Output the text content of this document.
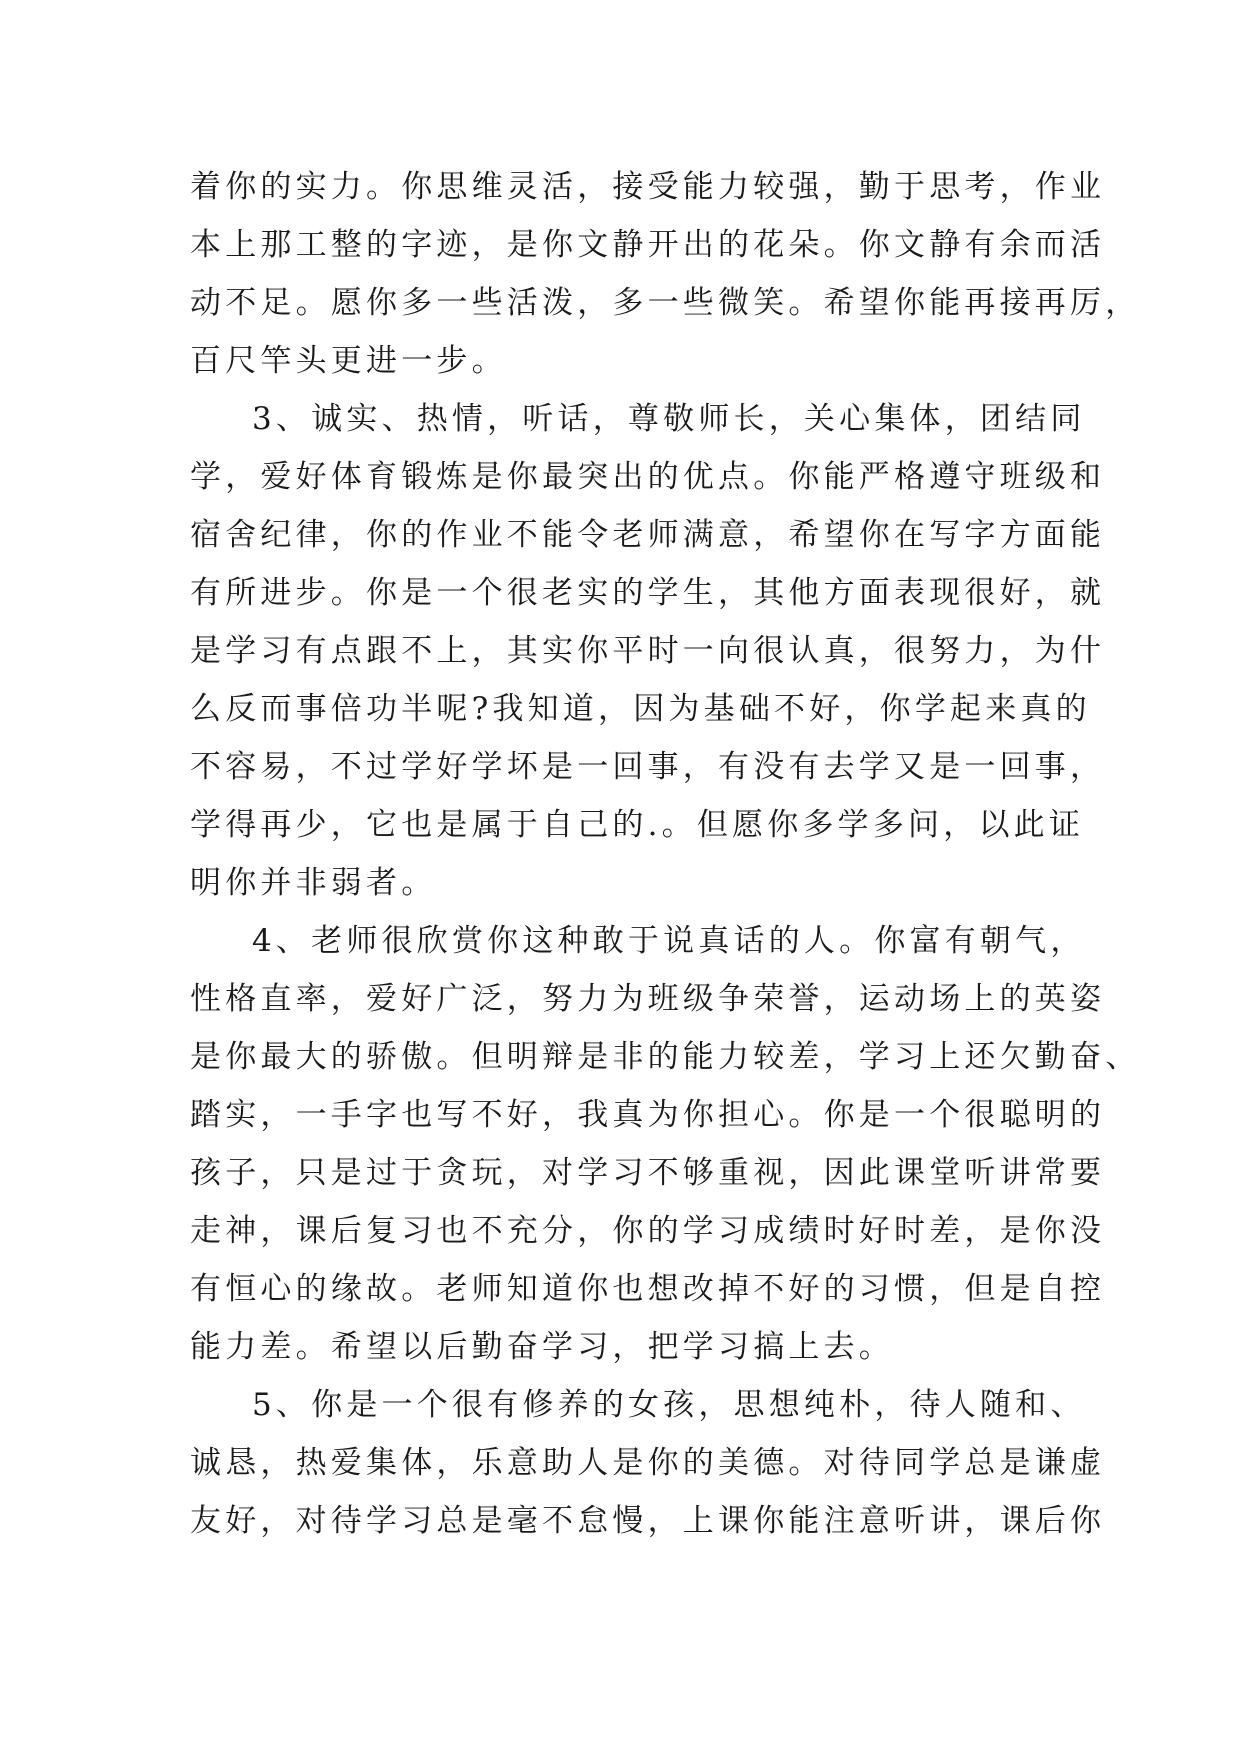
着你的实力。你思维灵活，接受能力较强，勤于思考，作业
本上那工整的字迹，是你文静开出的花朵。你文静有余而活
动不足。愿你多一些活泼，多一些微笑。希望你能再接再厉，
百尺竿头更进一步。
3、诚实、热情，听话，尊敬师长，关心集体，团结同
学，爱好体育锻炼是你最突出的优点。你能严格遵守班级和
宿舍纪律，你的作业不能令老师满意，希望你在写字方面能
有所进步。你是一个很老实的学生，其他方面表现很好，就
是学习有点跟不上，其实你平时一向很认真，很努力，为什
么反而事倍功半呢?我知道，因为基础不好，你学起来真的
不容易，不过学好学坏是一回事，有没有去学又是一回事，
学得再少，它也是属于自己的.。但愿你多学多问，以此证
明你并非弱者。
4、老师很欣赏你这种敢于说真话的人。你富有朝气，
性格直率，爱好广泛，努力为班级争荣誉，运动场上的英姿
是你最大的骄傲。但明辩是非的能力较差，学习上还欠勤奋、
踏实，一手字也写不好，我真为你担心。你是一个很聪明的
孩子，只是过于贪玩，对学习不够重视，因此课堂听讲常要
走神，课后复习也不充分，你的学习成绩时好时差，是你没
有恒心的缘故。老师知道你也想改掉不好的习惯，但是自控
能力差。希望以后勤奋学习，把学习搞上去。
5、你是一个很有修养的女孩，思想纯朴，待人随和、
诚恳，热爱集体，乐意助人是你的美德。对待同学总是谦虚
友好，对待学习总是毫不怠慢，上课你能注意听讲，课后你
